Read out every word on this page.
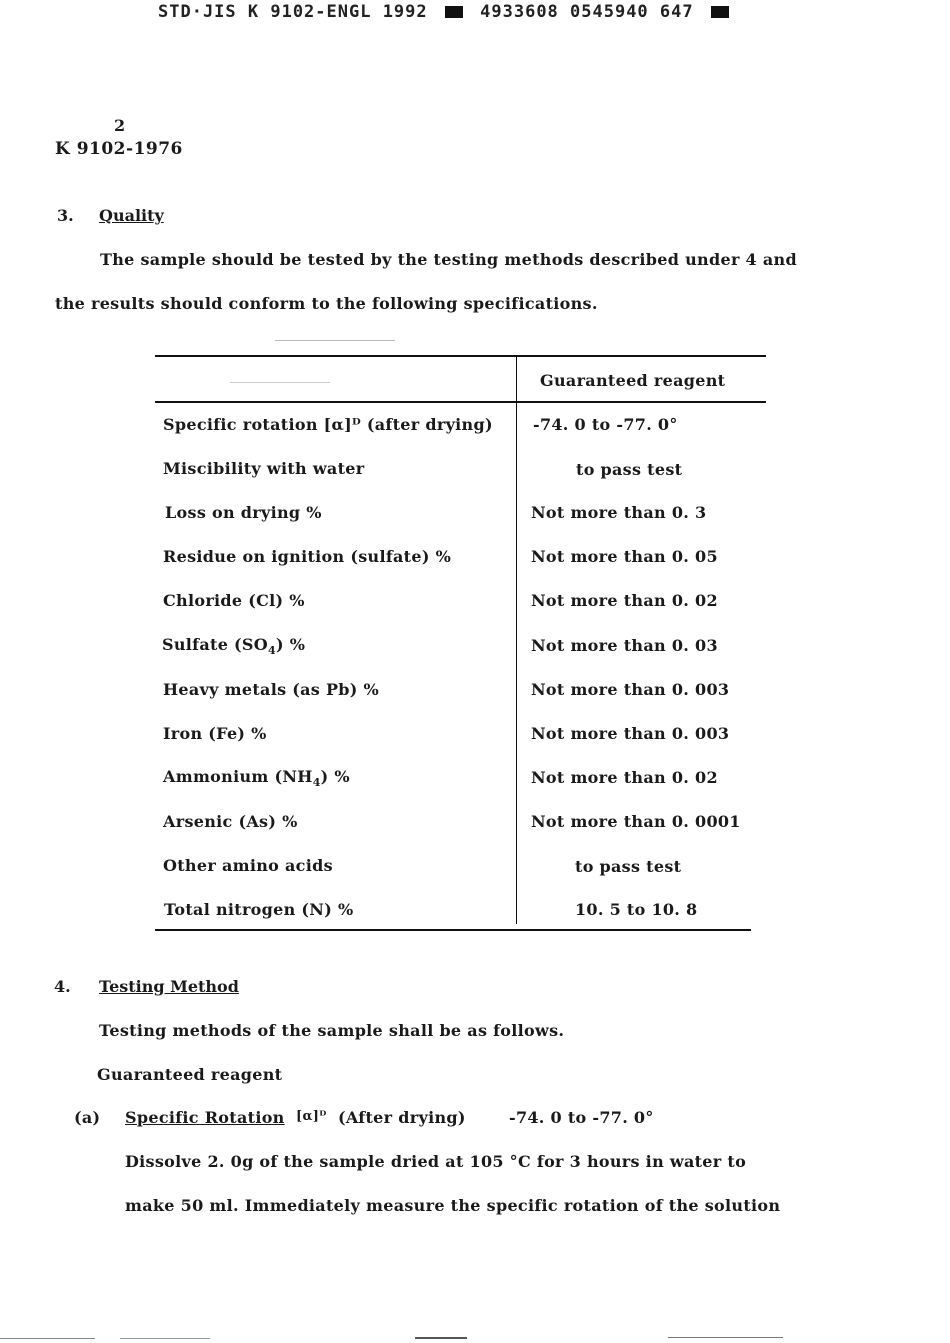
STD·JIS K 9102-ENGL 1992	4933608 0545940 647
2
K 9102-1976
3. Quality
The sample should be tested by the testing methods described under 4 and
the results should conform to the following specifications.
Guaranteed reagent
Specific rotation [α]ᴰ (after drying)	-74. 0 to -77. 0°
Miscibility with water	to pass test
Loss on drying %	Not more than 0. 3
Residue on ignition (sulfate) %	Not more than 0. 05
Chloride (Cl) %	Not more than 0. 02
Sulfate $(SO_4)$ %	Not more than 0. 03
Heavy metals (as Pb) %	Not more than 0. 003
Iron (Fe) %	Not more than 0. 003
Ammonium $(NH_4)$ %	Not more than 0. 02
Arsenic (As) %	Not more than 0. 0001
Other amino acids	to pass test
Total nitrogen (N) %	10. 5 to 10. 8
4. Testing Method
Testing methods of the sample shall be as follows.
Guaranteed reagent
(a) Specific Rotation [α]ᴰ (After drying)	-74. 0 to -77. 0°
Dissolve 2. 0g of the sample dried at 105 °C for 3 hours in water to
make 50 ml. Immediately measure the specific rotation of the solution
